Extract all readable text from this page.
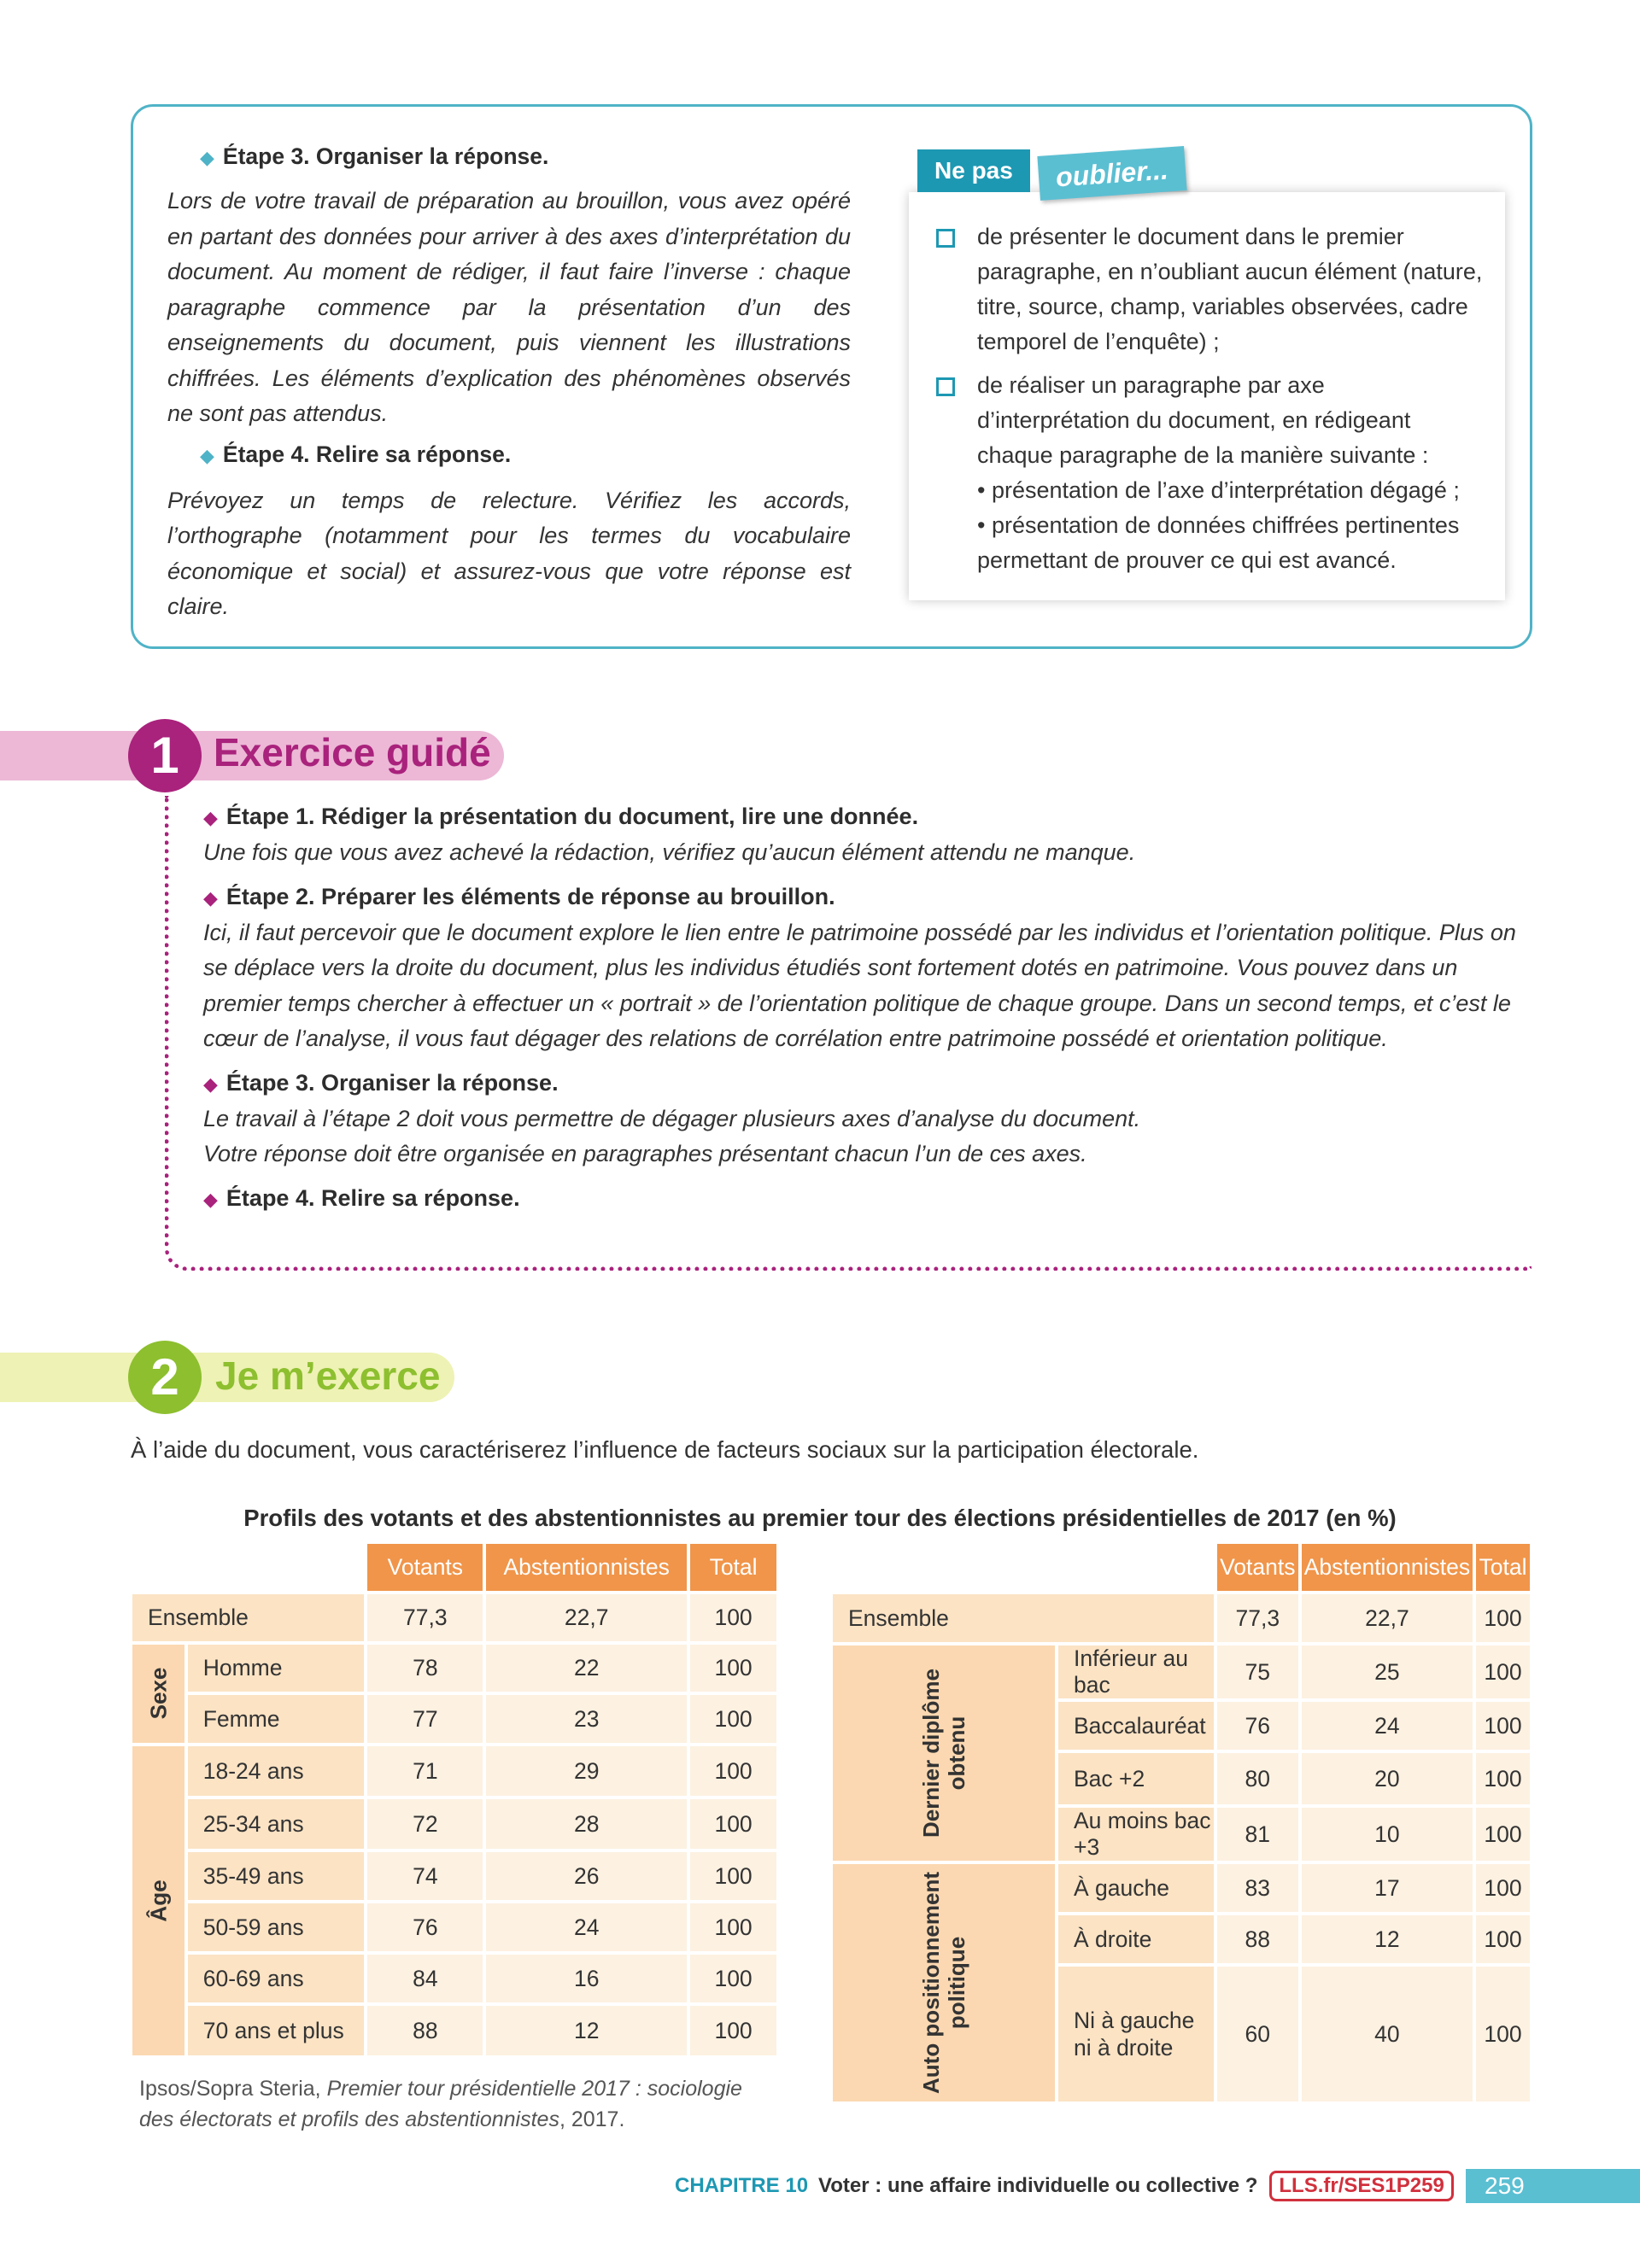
◆ Étape 3. Organiser la réponse.

Lors de votre travail de préparation au brouillon, vous avez opéré en partant des données pour arriver à des axes d’interprétation du document. Au moment de rédiger, il faut faire l’inverse : chaque paragraphe commence par la présentation d’un des enseignements du document, puis viennent les illustrations chiffrées. Les éléments d’explication des phénomènes observés ne sont pas attendus.

◆ Étape 4. Relire sa réponse.

Prévoyez un temps de relecture. Vérifiez les accords, l’orthographe (notamment pour les termes du vocabulaire économique et social) et assurez-vous que votre réponse est claire.

de présenter le document dans le premier paragraphe, en n’oubliant aucun élément (nature, titre, source, champ, variables observées, cadre temporel de l’enquête) ;
de réaliser un paragraphe par axe d’interprétation du document, en rédigeant chaque paragraphe de la manière suivante :
• présentation de l’axe d’interprétation dégagé ;
• présentation de données chiffrées pertinentes permettant de prouver ce qui est avancé.
Ne pas	oublier...
1 Exercice guidé
◆ Étape 1. Rédiger la présentation du document, lire une donnée.
Une fois que vous avez achevé la rédaction, vérifiez qu’aucun élément attendu ne manque.
◆ Étape 2. Préparer les éléments de réponse au brouillon.
Ici, il faut percevoir que le document explore le lien entre le patrimoine possédé par les individus et l’orientation politique. Plus on se déplace vers la droite du document, plus les individus étudiés sont fortement dotés en patrimoine. Vous pouvez dans un premier temps chercher à effectuer un « portrait » de l’orientation politique de chaque groupe. Dans un second temps, et c’est le cœur de l’analyse, il vous faut dégager des relations de corrélation entre patrimoine possédé et orientation politique.
◆ Étape 3. Organiser la réponse.
Le travail à l’étape 2 doit vous permettre de dégager plusieurs axes d’analyse du document.
Votre réponse doit être organisée en paragraphes présentant chacun l’un de ces axes.
◆ Étape 4. Relire sa réponse.
2 Je m’exerce
À l’aide du document, vous caractériserez l’influence de facteurs sociaux sur la participation électorale.
Profils des votants et des abstentionnistes au premier tour des élections présidentielles de 2017 (en %)
		Votants	Abstentionnistes	Total
Ensemble		77,3	22,7	100
Sexe	Homme	78	22	100
	Femme	77	23	100
Âge	18-24 ans	71	29	100
	25-34 ans	72	28	100
	35-49 ans	74	26	100
	50-59 ans	76	24	100
	60-69 ans	84	16	100
	70 ans et plus	88	12	100
Ipsos/Sopra Steria, Premier tour présidentielle 2017 : sociologie
des électorats et profils des abstentionnistes, 2017.
		Votants	Abstentionnistes	Total
Ensemble		77,3	22,7	100
Dernier diplôme
obtenu	Inférieur au bac	75	25	100
	Baccalauréat	76	24	100
	Bac +2	80	20	100
	Au moins bac +3	81	10	100
Auto positionnement
politique	À gauche	83	17	100
	À droite	88	12	100
	Ni à gauche
ni à droite	60	40	100
CHAPITRE 10 Voter : une affaire individuelle ou collective ? LLS.fr/SES1P259	259
